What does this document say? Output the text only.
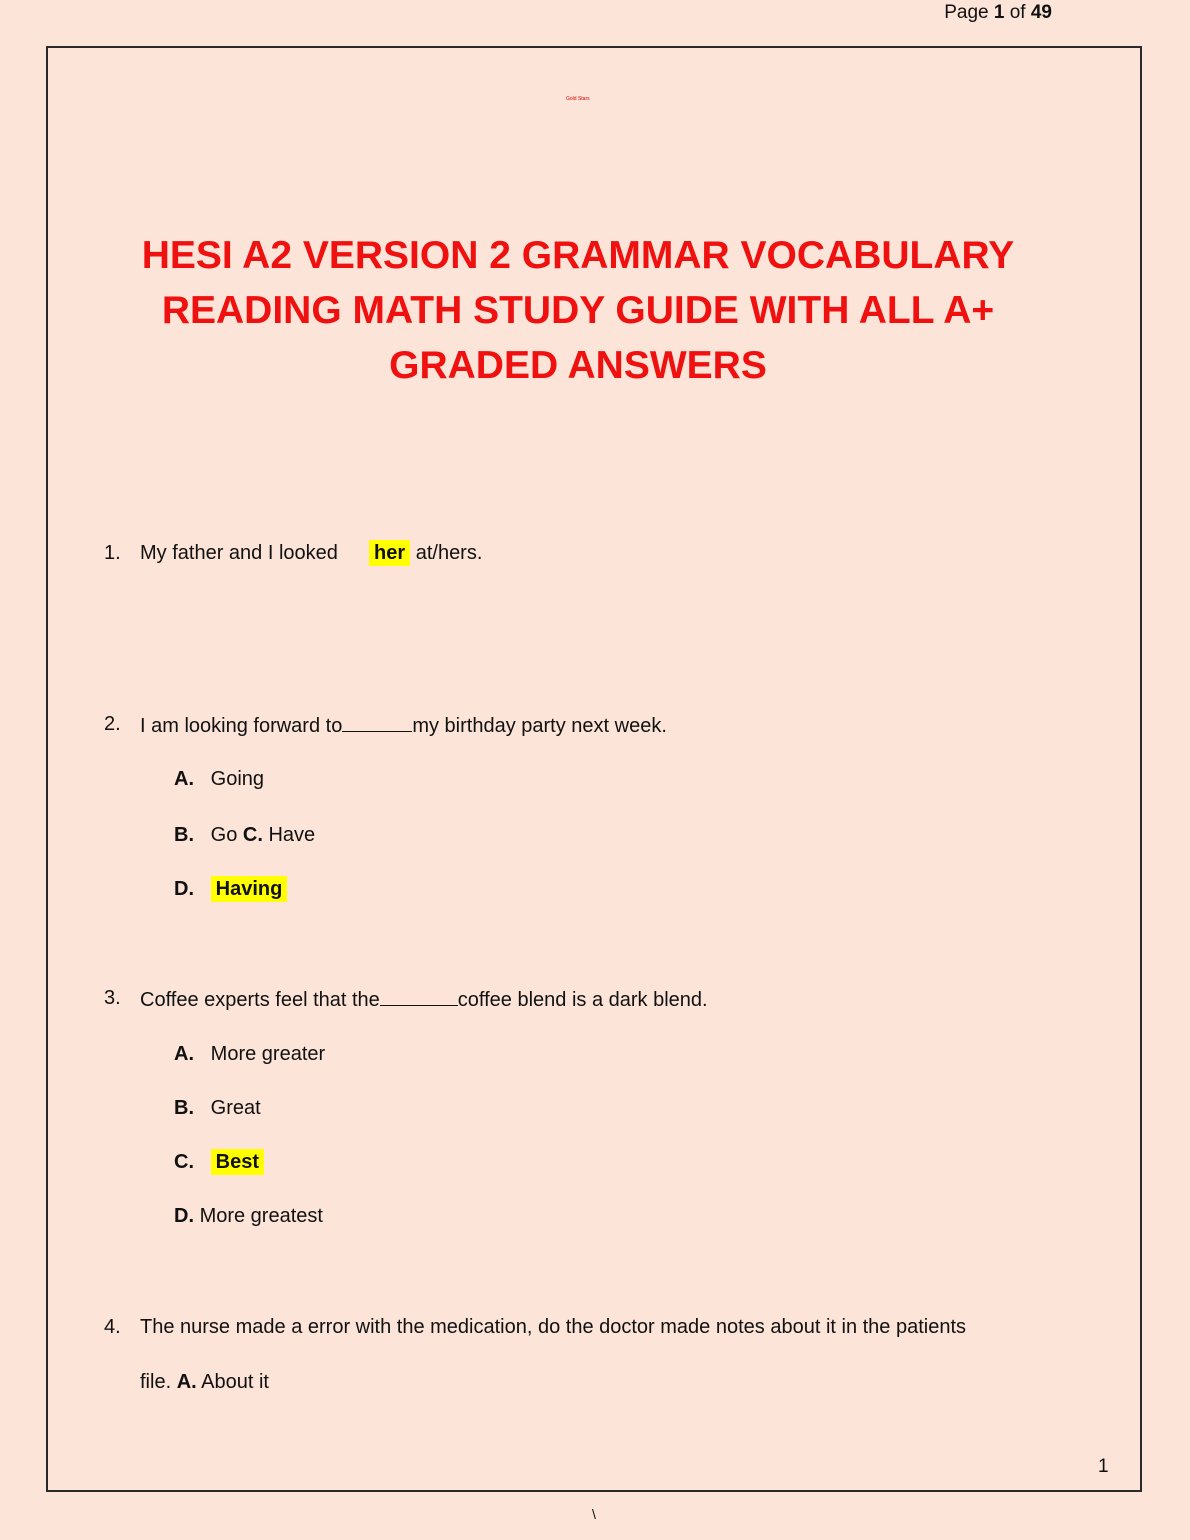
Page 1 of 49
Gold Stars
HESI A2 VERSION 2 GRAMMAR VOCABULARY
READING MATH STUDY GUIDE WITH ALL A+
GRADED ANSWERS
1. My father and I looked her at/hers.
2. I am looking forward to	my birthday party next week.
A. Going
B. Go C. Have
D. Having
3. Coffee experts feel that the	coffee blend is a dark blend.
A. More greater
B. Great
C. Best
D. More greatest
4. The nurse made a error with the medication, do the doctor made notes about it in the patients
file. A. About it
1
\
